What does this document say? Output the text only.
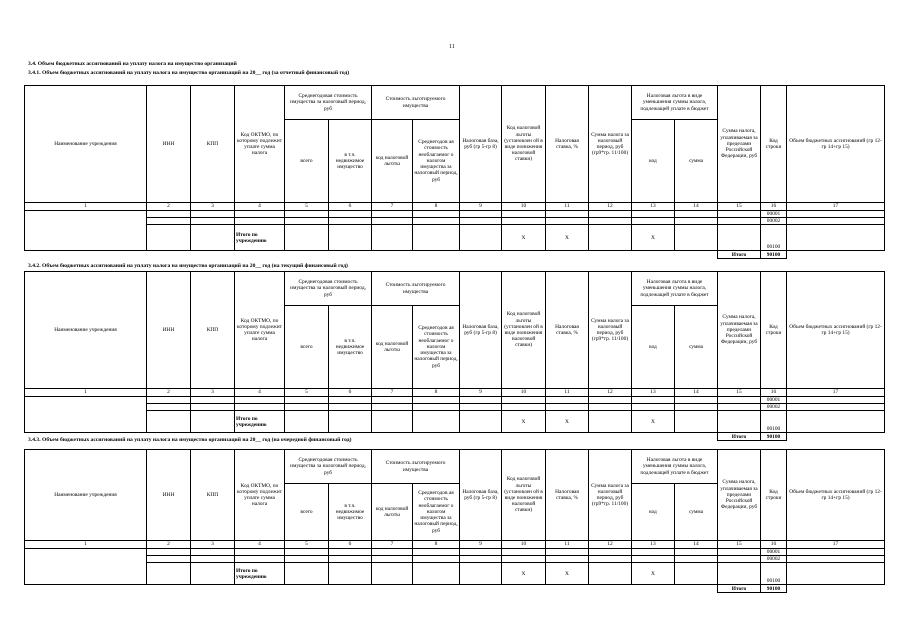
11
3.4. Объем бюджетных ассигнований на уплату налога на имущество организаций
3.4.1. Объем бюджетных ассигнований на уплату налога на имущество организаций на 20__ год (за отчетный финансовый год)
Наименование учреждения	ИНН	КПП	Код ОКТМО, по которому подлежит уплате сумма налога	Среднегодовая стоимость имущества за налоговый период, руб		Стоимость льготируемого имущества		Налоговая база, руб (гр 5-гр 8)	Код налоговой льготы (установлен ой в виде понижения налоговой ставки)	Налоговая ставка, %	Сумма налога за налоговый период, руб (гр9*гр. 11/100)	Налоговая льгота в виде уменьшения суммы налога, подлежащей уплате в бюджет		Сумма налога, уплачиваемая за пределами Российской Федерации, руб	Код строки	Объем бюджетных ассигнований (гр 12-гр 14+гр 15)
				всего	в т.ч. недвижимое имущество	код налоговой льготы	Среднегодов ая стоимость необлагаемог о налогом имущества за налоговый период, руб					код	сумма			
1	2	3	4	5	6	7	8	9	10	11	12	13	14	15	16	17
															00001	
															00002	
			Итого по учреждению						X	X		X			00100	
														Итого	90100	
3.4.2. Объем бюджетных ассигнований на уплату налога на имущество организаций на 20__ год (на текущий финансовый год)
Наименование учреждения	ИНН	КПП	Код ОКТМО, по которому подлежит уплате сумма налога	Среднегодовая стоимость имущества за налоговый период, руб		Стоимость льготируемого имущества		Налоговая база, руб (гр 5-гр 8)	Код налоговой льготы (установлен ой в виде понижения налоговой ставки)	Налоговая ставка, %	Сумма налога за налоговый период, руб (гр9*гр. 11/100)	Налоговая льгота в виде уменьшения суммы налога, подлежащей уплате в бюджет		Сумма налога, уплачиваемая за пределами Российской Федерации, руб	Код строки	Объем бюджетных ассигнований (гр 12-гр 14+гр 15)
				всего	в т.ч. недвижимое имущество	код налоговой льготы	Среднегодов ая стоимость необлагаемог о налогом имущества за налоговый период, руб					код	сумма			
1	2	3	4	5	6	7	8	9	10	11	12	13	14	15	16	17
															00001	
															00002	
			Итого по учреждению						X	X		X			00100	
														Итого	90100	
3.4.3. Объем бюджетных ассигнований на уплату налога на имущество организаций на 20__ год (на очередной финансовый год)
Наименование учреждения	ИНН	КПП	Код ОКТМО, по которому подлежит уплате сумма налога	Среднегодовая стоимость имущества за налоговый период, руб		Стоимость льготируемого имущества		Налоговая база, руб (гр 5-гр 8)	Код налоговой льготы (установлен ой в виде понижения налоговой ставки)	Налоговая ставка, %	Сумма налога за налоговый период, руб (гр9*гр. 11/100)	Налоговая льгота в виде уменьшения суммы налога, подлежащей уплате в бюджет		Сумма налога, уплачиваемая за пределами Российской Федерации, руб	Код строки	Объем бюджетных ассигнований (гр 12-гр 14+гр 15)
				всего	в т.ч. недвижимое имущество	код налоговой льготы	Среднегодов ая стоимость необлагаемог о налогом имущества за налоговый период, руб					код	сумма			
1	2	3	4	5	6	7	8	9	10	11	12	13	14	15	16	17
															00001	
															00002	
			Итого по учреждению						X	X		X			00100	
														Итого	90100	
